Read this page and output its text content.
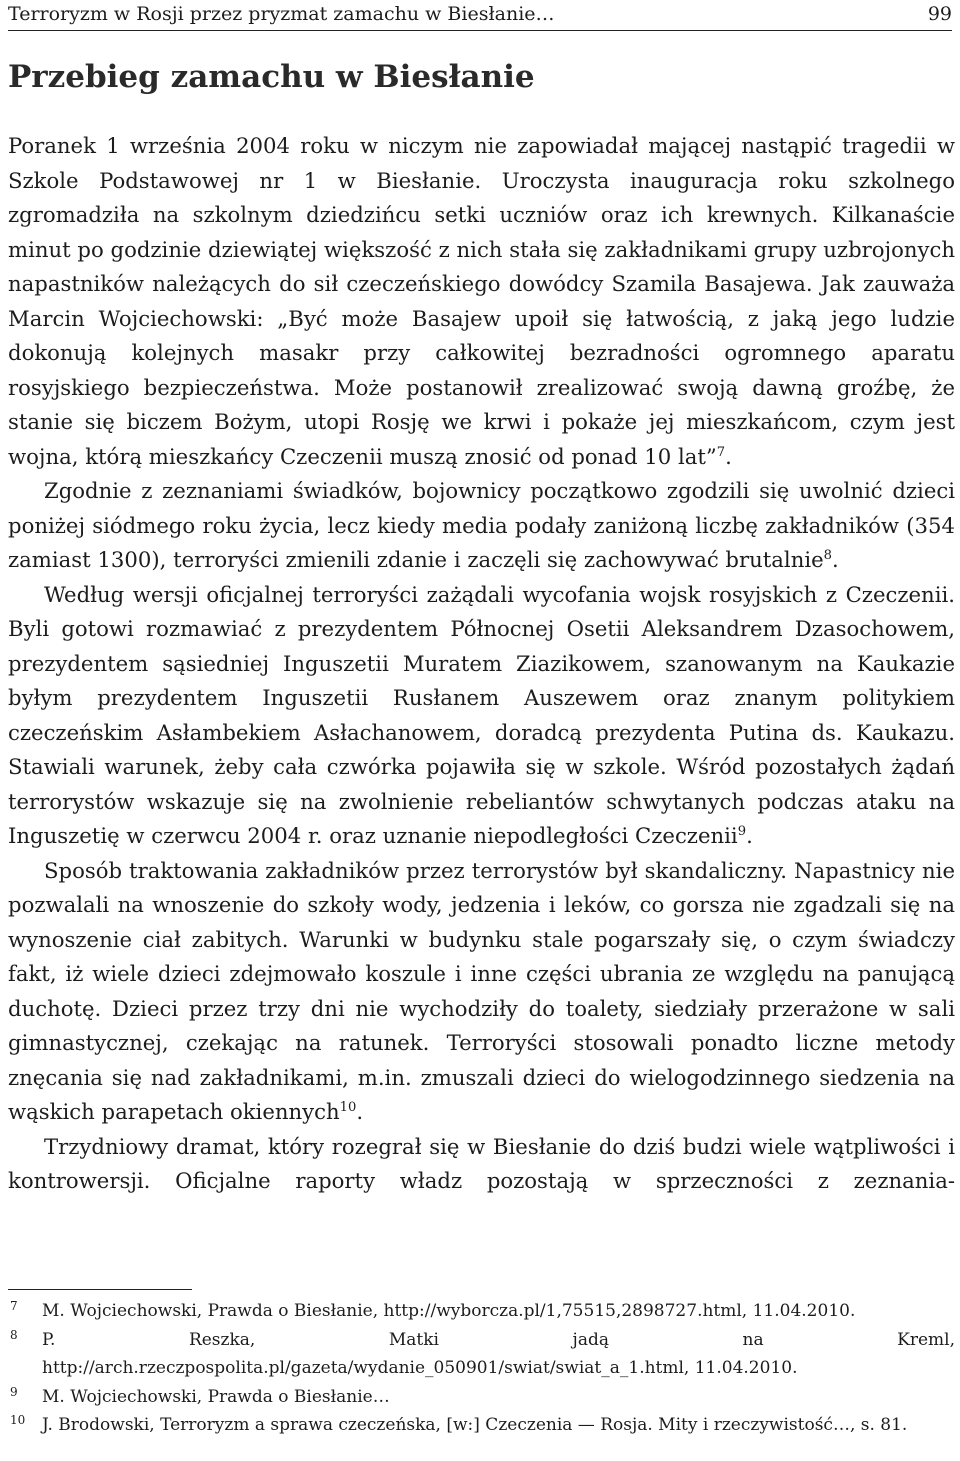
Terroryzm w Rosji przez pryzmat zamachu w Biesłanie…	99
Przebieg zamachu w Biesłanie

Poranek 1 września 2004 roku w niczym nie zapowiadał mającej nastąpić tragedii w Szkole Podstawowej nr 1 w Biesłanie. Uroczysta inauguracja roku szkolnego zgromadziła na szkolnym dziedzińcu setki uczniów oraz ich krewnych. Kilkanaście minut po godzinie dziewiątej większość z nich stała się zakładnikami grupy uzbrojonych napastników należących do sił czeczeńskiego dowódcy Szamila Basajewa. Jak zauważa Marcin Wojciechowski: „Być może Basajew upoił się łatwością, z jaką jego ludzie dokonują kolejnych masakr przy całkowitej bezradności ogromnego aparatu rosyjskiego bezpieczeństwa. Może postanowił zrealizować swoją dawną groźbę, że stanie się biczem Bożym, utopi Rosję we krwi i pokaże jej mieszkańcom, czym jest wojna, którą mieszkańcy Czeczenii muszą znosić od ponad 10 lat”$^7$.

Zgodnie z zeznaniami świadków, bojownicy początkowo zgodzili się uwolnić dzieci poniżej siódmego roku życia, lecz kiedy media podały zaniżoną liczbę zakładników (354 zamiast 1300), terroryści zmienili zdanie i zaczęli się zachowywać brutalnie$^8$.

Według wersji oficjalnej terroryści zażądali wycofania wojsk rosyjskich z Czeczenii. Byli gotowi rozmawiać z prezydentem Północnej Osetii Aleksandrem Dzasochowem, prezydentem sąsiedniej Inguszetii Muratem Ziazikowem, szanowanym na Kaukazie byłym prezydentem Inguszetii Rusłanem Auszewem oraz znanym politykiem czeczeńskim Asłambekiem Asłachanowem, doradcą prezydenta Putina ds. Kaukazu. Stawiali warunek, żeby cała czwórka pojawiła się w szkole. Wśród pozostałych żądań terrorystów wskazuje się na zwolnienie rebeliantów schwytanych podczas ataku na Inguszetię w czerwcu 2004 r. oraz uznanie niepodległości Czeczenii$^9$.

Sposób traktowania zakładników przez terrorystów był skandaliczny. Napastnicy nie pozwalali na wnoszenie do szkoły wody, jedzenia i leków, co gorsza nie zgadzali się na wynoszenie ciał zabitych. Warunki w budynku stale pogarszały się, o czym świadczy fakt, iż wiele dzieci zdejmowało koszule i inne części ubrania ze względu na panującą duchotę. Dzieci przez trzy dni nie wychodziły do toalety, siedziały przerażone w sali gimnastycznej, czekając na ratunek. Terroryści stosowali ponadto liczne metody znęcania się nad zakładnikami, m.in. zmuszali dzieci do wielogodzinnego siedzenia na wąskich parapetach okiennych$^{10}$.

Trzydniowy dramat, który rozegrał się w Biesłanie do dziś budzi wiele wątpliwości i kontrowersji. Oficjalne raporty władz pozostają w sprzeczności z zeznania-

7 M. Wojciechowski, Prawda o Biesłanie, http://wyborcza.pl/1,75515,2898727.html, 11.04.2010.
8 P. Reszka, Matki jadą na Kreml, http://arch.rzeczpospolita.pl/gazeta/wydanie_050901/swiat/swiat_a_1.html, 11.04.2010.
9 M. Wojciechowski, Prawda o Biesłanie…
10 J. Brodowski, Terroryzm a sprawa czeczeńska, [w:] Czeczenia — Rosja. Mity i rzeczywistość…, s. 81.
